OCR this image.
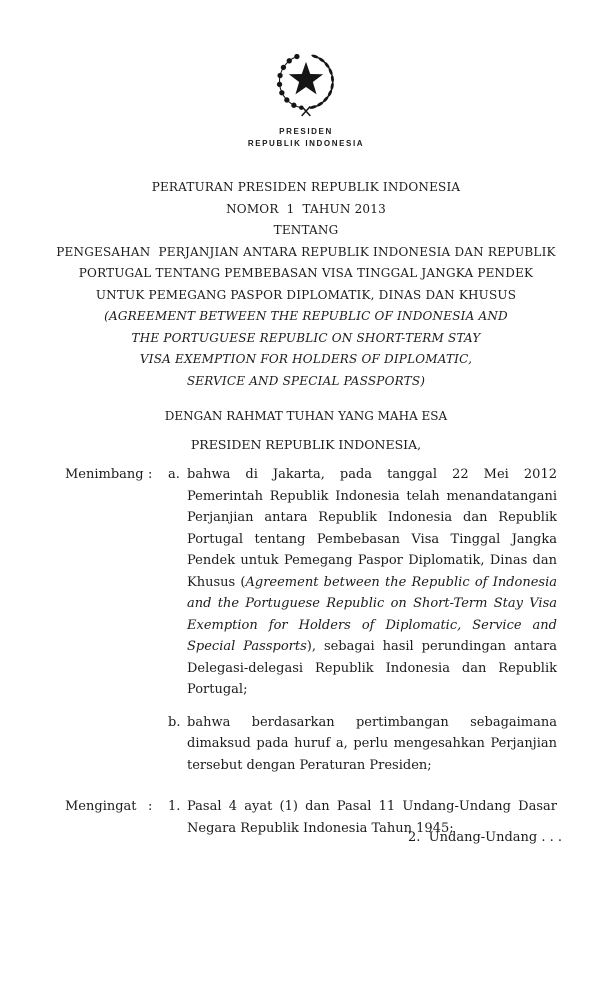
PRESIDEN
REPUBLIK INDONESIA
PERATURAN PRESIDEN REPUBLIK INDONESIA
NOMOR  1  TAHUN 2013
TENTANG
PENGESAHAN  PERJANJIAN ANTARA REPUBLIK INDONESIA DAN REPUBLIK
PORTUGAL TENTANG PEMBEBASAN VISA TINGGAL JANGKA PENDEK
UNTUK PEMEGANG PASPOR DIPLOMATIK, DINAS DAN KHUSUS
(AGREEMENT BETWEEN THE REPUBLIC OF INDONESIA AND
THE PORTUGUESE REPUBLIC ON SHORT-TERM STAY
VISA EXEMPTION FOR HOLDERS OF DIPLOMATIC,
SERVICE AND SPECIAL PASSPORTS)
DENGAN RAHMAT TUHAN YANG MAHA ESA
PRESIDEN REPUBLIK INDONESIA,
Menimbang :	a. bahwa di Jakarta, pada tanggal 22 Mei 2012 Pemerintah Republik Indonesia telah menandatangani Perjanjian antara Republik Indonesia dan Republik Portugal tentang Pembebasan Visa Tinggal Jangka Pendek untuk Pemegang Paspor Diplomatik, Dinas dan Khusus (Agreement between the Republic of Indonesia and the Portuguese Republic on Short-Term Stay Visa Exemption for Holders of Diplomatic, Service and Special Passports), sebagai hasil perundingan antara Delegasi-delegasi Republik Indonesia dan Republik Portugal;
b. bahwa berdasarkan pertimbangan sebagaimana dimaksud pada huruf a, perlu mengesahkan Perjanjian tersebut dengan Peraturan Presiden;
Mengingat :	1. Pasal 4 ayat (1) dan Pasal 11 Undang-Undang Dasar Negara Republik Indonesia Tahun 1945;
2.  Undang-Undang . . .
